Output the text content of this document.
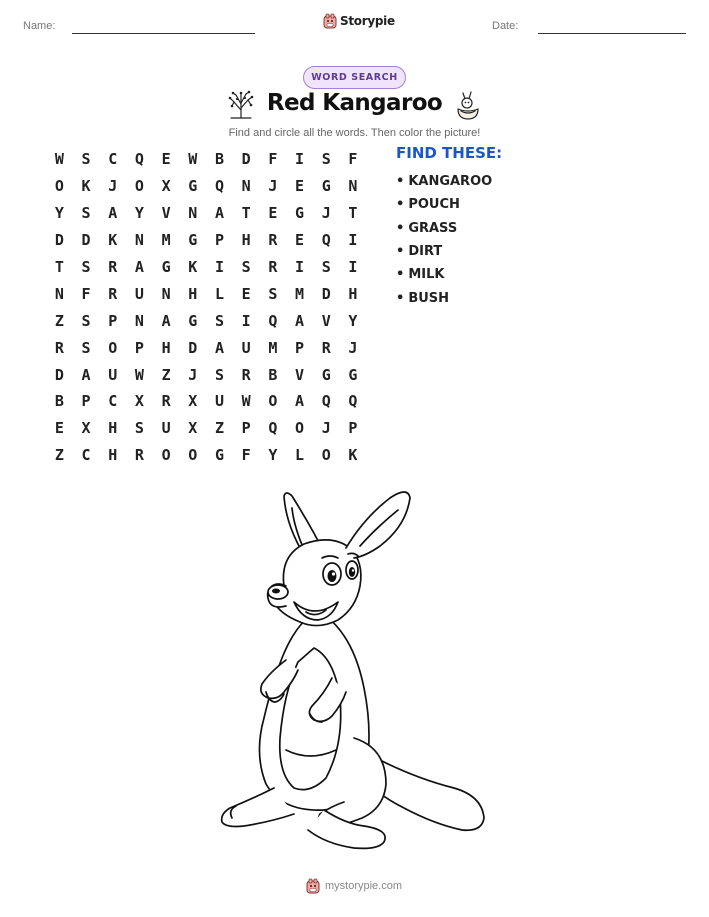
Name:	Storypie	Date:
WORD SEARCH
Red Kangaroo
Find and circle all the words. Then color the picture!
W	S	C	Q	E	W	B	D	F	I	S	F
O	K	J	O	X	G	Q	N	J	E	G	N
Y	S	A	Y	V	N	A	T	E	G	J	T
D	D	K	N	M	G	P	H	R	E	Q	I
T	S	R	A	G	K	I	S	R	I	S	I
N	F	R	U	N	H	L	E	S	M	D	H
Z	S	P	N	A	G	S	I	Q	A	V	Y
R	S	O	P	H	D	A	U	M	P	R	J
D	A	U	W	Z	J	S	R	B	V	G	G
B	P	C	X	R	X	U	W	O	A	Q	Q
E	X	H	S	U	X	Z	P	Q	O	J	P
Z	C	H	R	O	O	G	F	Y	L	O	K
FIND THESE:
• KANGAROO
• POUCH
• GRASS
• DIRT
• MILK
• BUSH
mystorypie.com
